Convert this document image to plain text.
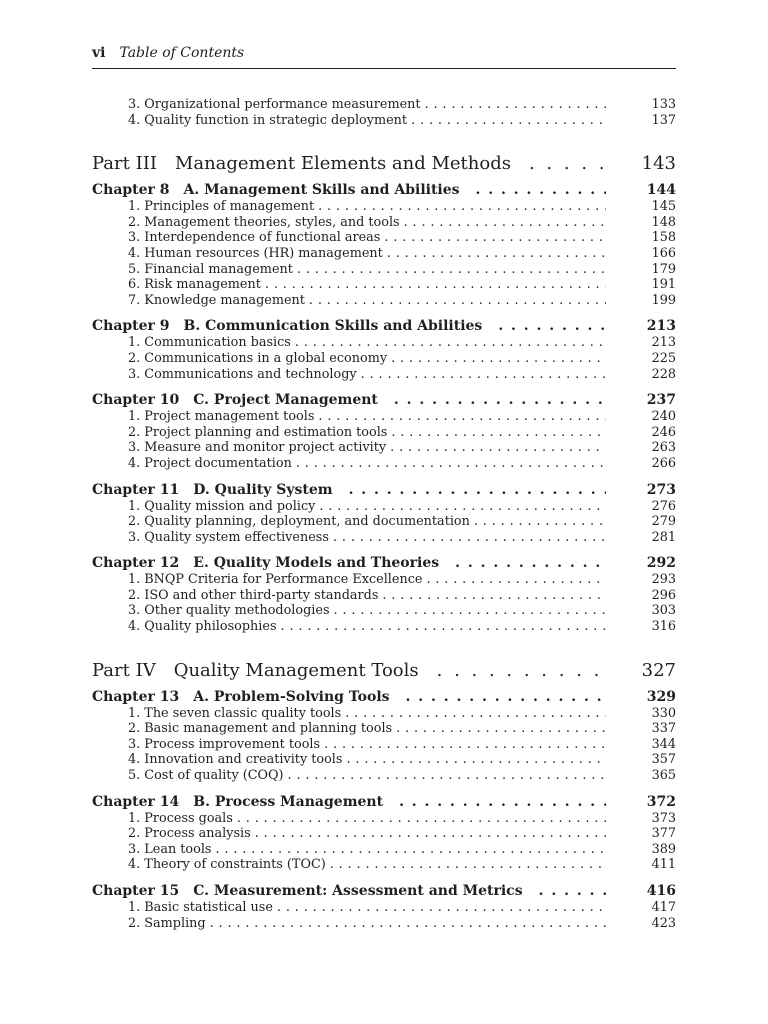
vi Table of Contents
3. Organizational performance measurement . . .	133
4. Quality function in strategic deployment . . .	137
Part III Management Elements and Methods . . .	143
Chapter 8 A. Management Skills and Abilities . . .	144
1. Principles of management . . .	145
2. Management theories, styles, and tools . . .	148
3. Interdependence of functional areas . . .	158
4. Human resources (HR) management . . .	166
5. Financial management . . .	179
6. Risk management . . .	191
7. Knowledge management . . .	199
Chapter 9 B. Communication Skills and Abilities . . .	213
1. Communication basics . . .	213
2. Communications in a global economy . . .	225
3. Communications and technology . . .	228
Chapter 10 C. Project Management . . .	237
1. Project management tools . . .	240
2. Project planning and estimation tools . . .	246
3. Measure and monitor project activity . . .	263
4. Project documentation . . .	266
Chapter 11 D. Quality System . . .	273
1. Quality mission and policy . . .	276
2. Quality planning, deployment, and documentation . . .	279
3. Quality system effectiveness . . .	281
Chapter 12 E. Quality Models and Theories . . .	292
1. BNQP Criteria for Performance Excellence . . .	293
2. ISO and other third-party standards . . .	296
3. Other quality methodologies . . .	303
4. Quality philosophies . . .	316
Part IV Quality Management Tools . . .	327
Chapter 13 A. Problem-Solving Tools . . .	329
1. The seven classic quality tools . . .	330
2. Basic management and planning tools . . .	337
3. Process improvement tools . . .	344
4. Innovation and creativity tools . . .	357
5. Cost of quality (COQ) . . .	365
Chapter 14 B. Process Management . . .	372
1. Process goals . . .	373
2. Process analysis . . .	377
3. Lean tools . . .	389
4. Theory of constraints (TOC) . . .	411
Chapter 15 C. Measurement: Assessment and Metrics . . .	416
1. Basic statistical use . . .	417
2. Sampling . . .	423
